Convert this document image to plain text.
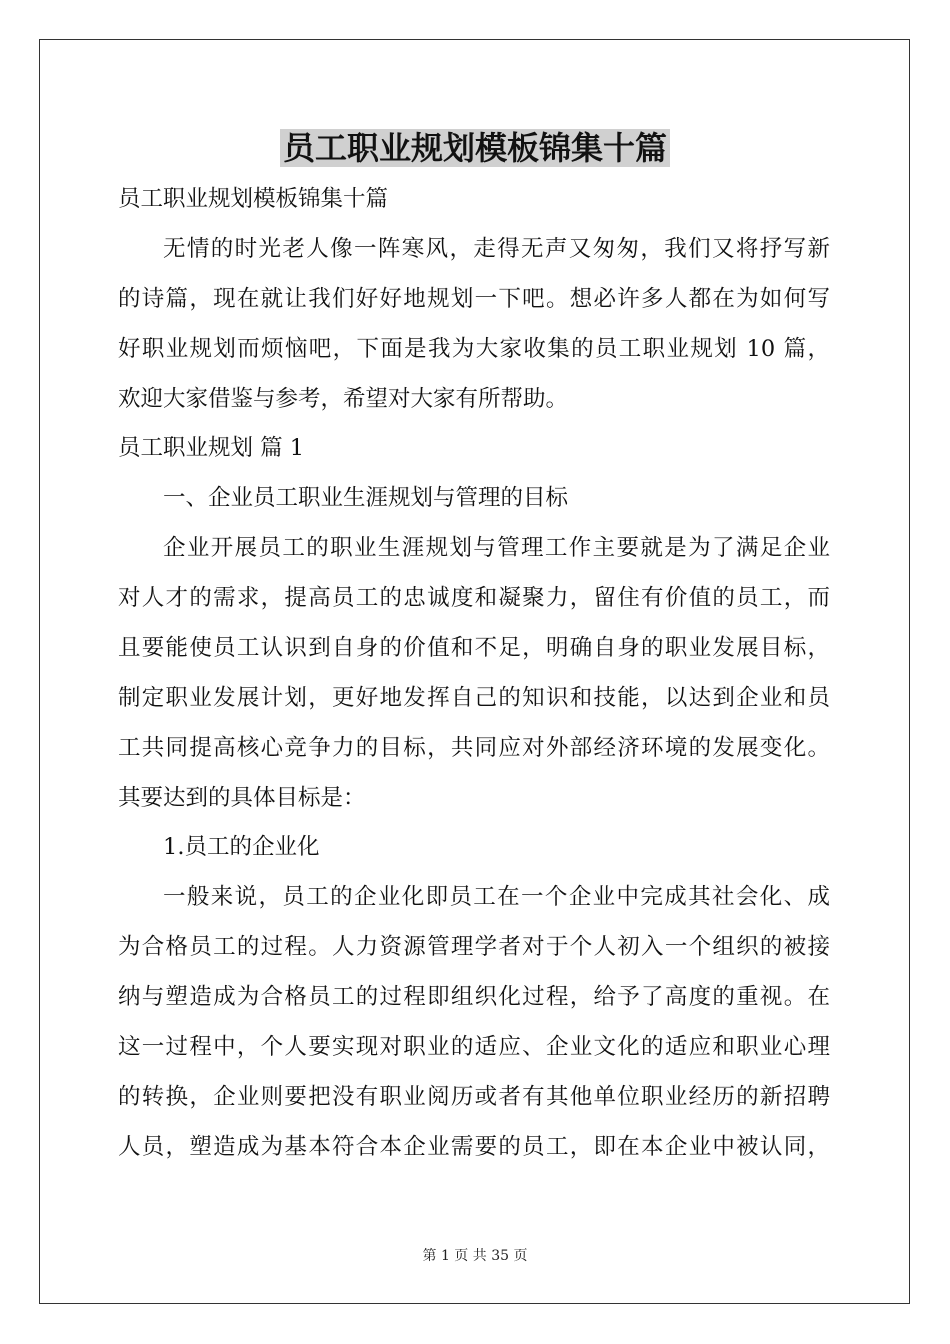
员工职业规划模板锦集十篇
员工职业规划模板锦集十篇
无情的时光老人像一阵寒风，走得无声又匆匆，我们又将抒写新
的诗篇，现在就让我们好好地规划一下吧。想必许多人都在为如何写
好职业规划而烦恼吧，下面是我为大家收集的员工职业规划 10 篇，
欢迎大家借鉴与参考，希望对大家有所帮助。
员工职业规划 篇 1
一、企业员工职业生涯规划与管理的目标
企业开展员工的职业生涯规划与管理工作主要就是为了满足企业
对人才的需求，提高员工的忠诚度和凝聚力，留住有价值的员工，而
且要能使员工认识到自身的价值和不足，明确自身的职业发展目标，
制定职业发展计划，更好地发挥自己的知识和技能，以达到企业和员
工共同提高核心竞争力的目标，共同应对外部经济环境的发展变化。
其要达到的具体目标是：
1.员工的企业化
一般来说，员工的企业化即员工在一个企业中完成其社会化、成
为合格员工的过程。人力资源管理学者对于个人初入一个组织的被接
纳与塑造成为合格员工的过程即组织化过程，给予了高度的重视。在
这一过程中，个人要实现对职业的适应、企业文化的适应和职业心理
的转换，企业则要把没有职业阅历或者有其他单位职业经历的新招聘
人员，塑造成为基本符合本企业需要的员工，即在本企业中被认同，
第 1 页 共 35 页
